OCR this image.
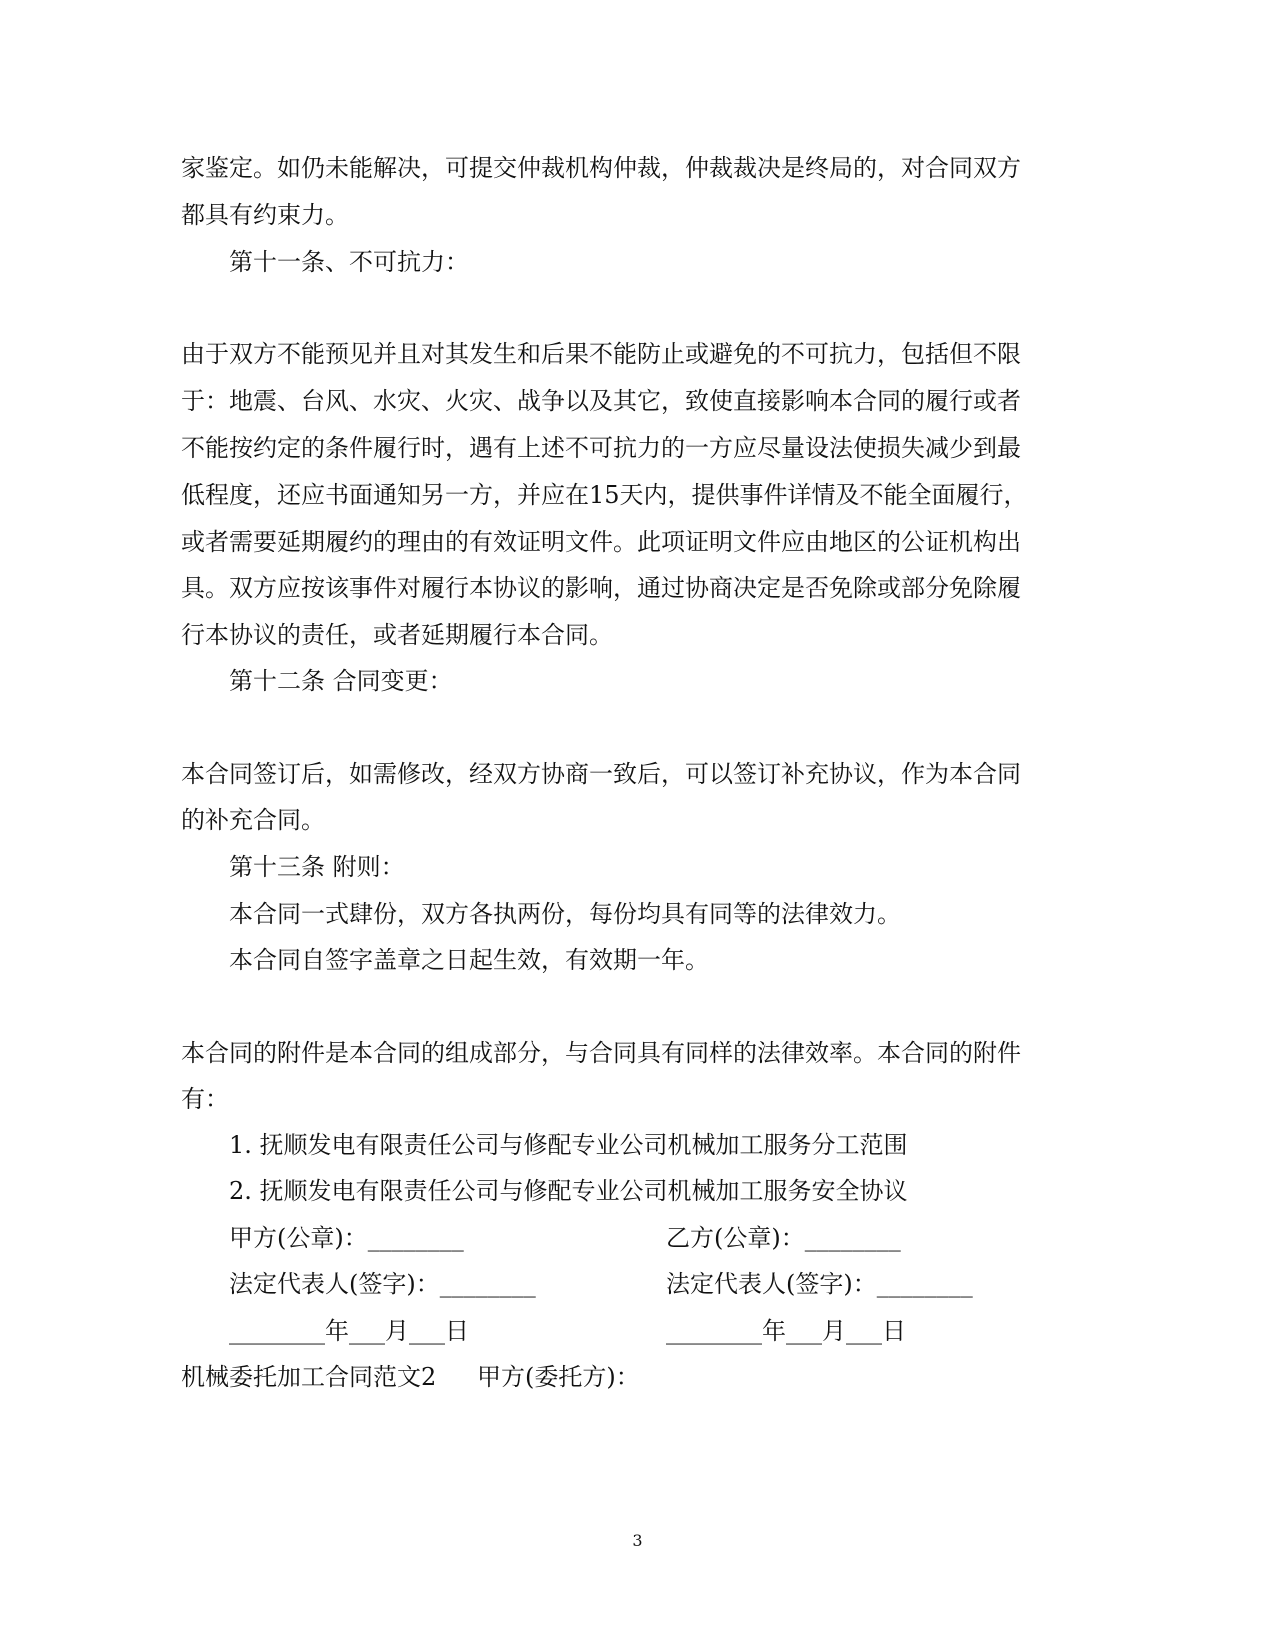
家鉴定。如仍未能解决，可提交仲裁机构仲裁，仲裁裁决是终局的，对合同双方
都具有约束力。
第十一条、不可抗力：
由于双方不能预见并且对其发生和后果不能防止或避免的不可抗力，包括但不限
于：地震、台风、水灾、火灾、战争以及其它，致使直接影响本合同的履行或者
不能按约定的条件履行时，遇有上述不可抗力的一方应尽量设法使损失减少到最
低程度，还应书面通知另一方，并应在15天内，提供事件详情及不能全面履行，
或者需要延期履约的理由的有效证明文件。此项证明文件应由地区的公证机构出
具。双方应按该事件对履行本协议的影响，通过协商决定是否免除或部分免除履
行本协议的责任，或者延期履行本合同。
第十二条 合同变更：
本合同签订后，如需修改，经双方协商一致后，可以签订补充协议，作为本合同
的补充合同。
第十三条 附则：
本合同一式肆份，双方各执两份，每份均具有同等的法律效力。
本合同自签字盖章之日起生效，有效期一年。
本合同的附件是本合同的组成部分，与合同具有同样的法律效率。本合同的附件
有：
1. 抚顺发电有限责任公司与修配专业公司机械加工服务分工范围
2. 抚顺发电有限责任公司与修配专业公司机械加工服务安全协议
甲方(公章)：________	乙方(公章)：________
法定代表人(签字)：________	法定代表人(签字)：________
________年___月___日	________年___月___日
机械委托加工合同范文2 甲方(委托方)：
3
